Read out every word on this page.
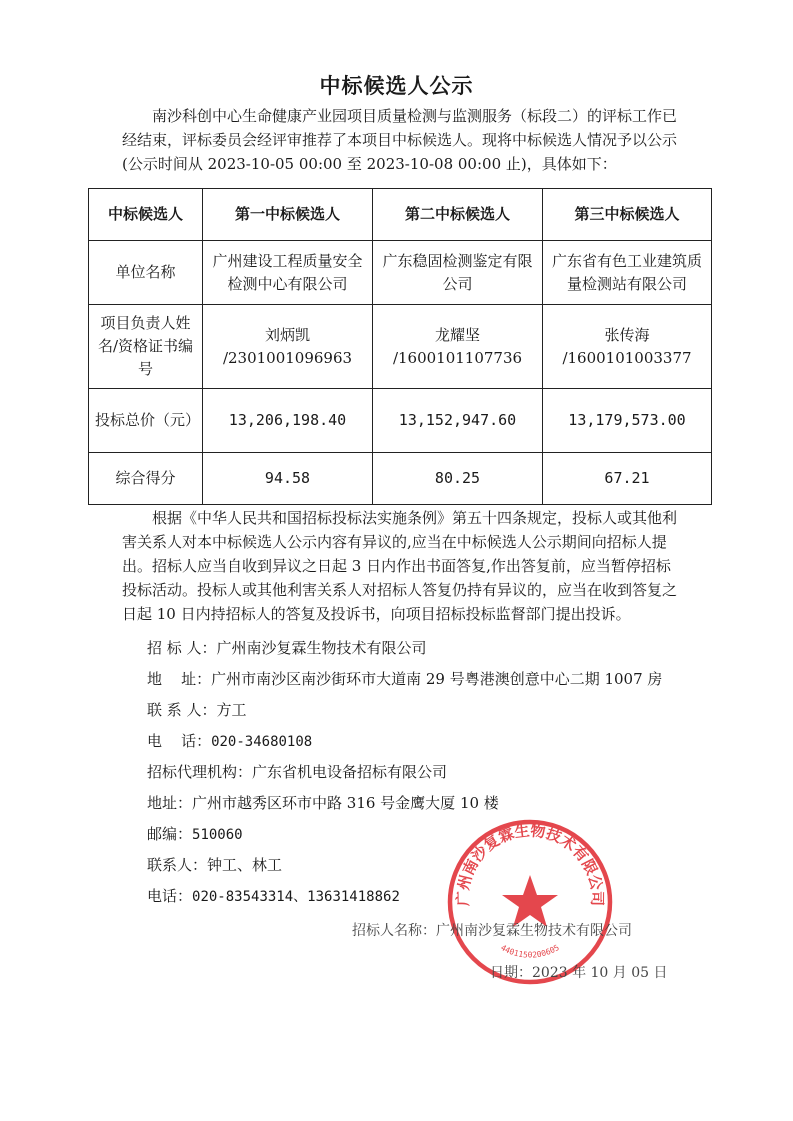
中标候选人公示
南沙科创中心生命健康产业园项目质量检测与监测服务（标段二）的评标工作已经结束，评标委员会经评审推荐了本项目中标候选人。现将中标候选人情况予以公示(公示时间从 2023-10-05 00:00 至 2023-10-08 00:00 止)，具体如下：
中标候选人	第一中标候选人	第二中标候选人	第三中标候选人
单位名称	广州建设工程质量安全检测中心有限公司	广东稳固检测鉴定有限公司	广东省有色工业建筑质量检测站有限公司
项目负责人姓名/资格证书编号	刘炳凯 /2301001096963	龙耀坚 /1600101107736	张传海 /1600101003377
投标总价（元）	13,206,198.40	13,152,947.60	13,179,573.00
综合得分	94.58	80.25	67.21
根据《中华人民共和国招标投标法实施条例》第五十四条规定，投标人或其他利害关系人对本中标候选人公示内容有异议的,应当在中标候选人公示期间向招标人提出。招标人应当自收到异议之日起 3 日内作出书面答复,作出答复前，应当暂停招标投标活动。投标人或其他利害关系人对招标人答复仍持有异议的，应当在收到答复之日起 10 日内持招标人的答复及投诉书，向项目招标投标监督部门提出投诉。
招 标 人：广州南沙复霖生物技术有限公司
地    址：广州市南沙区南沙街环市大道南 29 号粤港澳创意中心二期 1007 房
联 系 人：方工
电    话：020-34680108
招标代理机构：广东省机电设备招标有限公司
地址：广州市越秀区环市中路 316 号金鹰大厦 10 楼
邮编：510060
联系人：钟工、林工
电话：020-83543314、13631418862	广州南沙复霖生物技术有限公司
4401150200605
招标人名称：广州南沙复霖生物技术有限公司
日期：2023 年 10 月 05 日
